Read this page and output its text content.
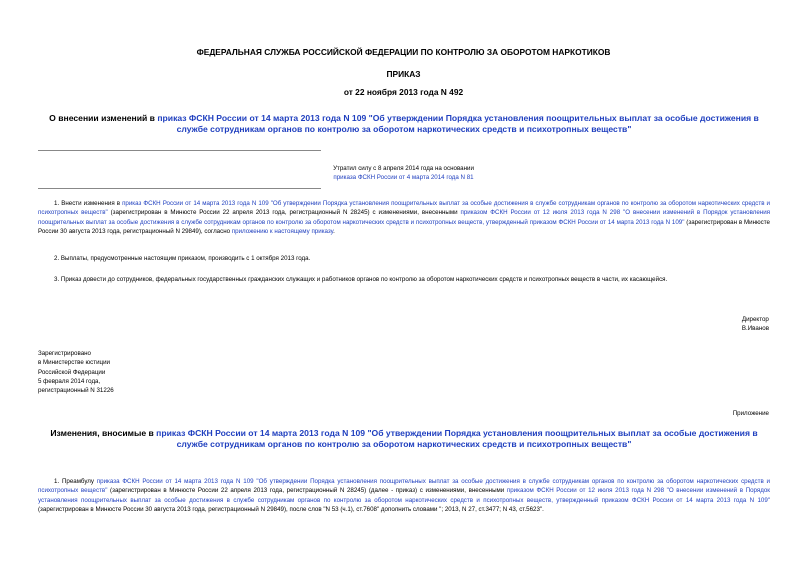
ФЕДЕРАЛЬНАЯ СЛУЖБА РОССИЙСКОЙ ФЕДЕРАЦИИ ПО КОНТРОЛЮ ЗА ОБОРОТОМ НАРКОТИКОВ
ПРИКАЗ
от 22 ноября 2013 года N 492
О внесении изменений в приказ ФСКН России от 14 марта 2013 года N 109 "Об утверждении Порядка установления поощрительных выплат за особые достижения в службе сотрудникам органов по контролю за оборотом наркотических средств и психотропных веществ"
Утратил силу с 8 апреля 2014 года на основании
приказа ФСКН России от 4 марта 2014 года N 81
1. Внести изменения в приказ ФСКН России от 14 марта 2013 года N 109 "Об утверждении Порядка установления поощрительных выплат за особые достижения в службе сотрудникам органов по контролю за оборотом наркотических средств и психотропных веществ" (зарегистрирован в Минюсте России 22 апреля 2013 года, регистрационный N 28245) с изменениями, внесенными приказом ФСКН России от 12 июля 2013 года N 298 "О внесении изменений в Порядок установления поощрительных выплат за особые достижения в службе сотрудникам органов по контролю за оборотом наркотических средств и психотропных веществ, утвержденный приказом ФСКН России от 14 марта 2013 года N 109" (зарегистрирован в Минюсте России 30 августа 2013 года, регистрационный N 29849), согласно приложению к настоящему приказу.
2. Выплаты, предусмотренные настоящим приказом, производить с 1 октября 2013 года.
3. Приказ довести до сотрудников, федеральных государственных гражданских служащих и работников органов по контролю за оборотом наркотических средств и психотропных веществ в части, их касающейся.
Директор
В.Иванов
Зарегистрировано
в Министерстве юстиции
Российской Федерации
5 февраля 2014 года,
регистрационный N 31226
Приложение
Изменения, вносимые в приказ ФСКН России от 14 марта 2013 года N 109 "Об утверждении Порядка установления поощрительных выплат за особые достижения в службе сотрудникам органов по контролю за оборотом наркотических средств и психотропных веществ"
1. Преамбулу приказа ФСКН России от 14 марта 2013 года N 109 "Об утверждении Порядка установления поощрительных выплат за особые достижения в службе сотрудникам органов по контролю за оборотом наркотических средств и психотропных веществ" (зарегистрирован в Минюсте России 22 апреля 2013 года, регистрационный N 28245) (далее - приказ) с изменениями, внесенными приказом ФСКН России от 12 июля 2013 года N 298 "О внесении изменений в Порядок установления поощрительных выплат за особые достижения в службе сотрудникам органов по контролю за оборотом наркотических средств и психотропных веществ, утвержденный приказом ФСКН России от 14 марта 2013 года N 109" (зарегистрирован в Минюсте России 30 августа 2013 года, регистрационный N 29849), после слов "N 53 (ч.1), ст.7608" дополнить словами "; 2013, N 27, ст.3477; N 43, ст.5623".
